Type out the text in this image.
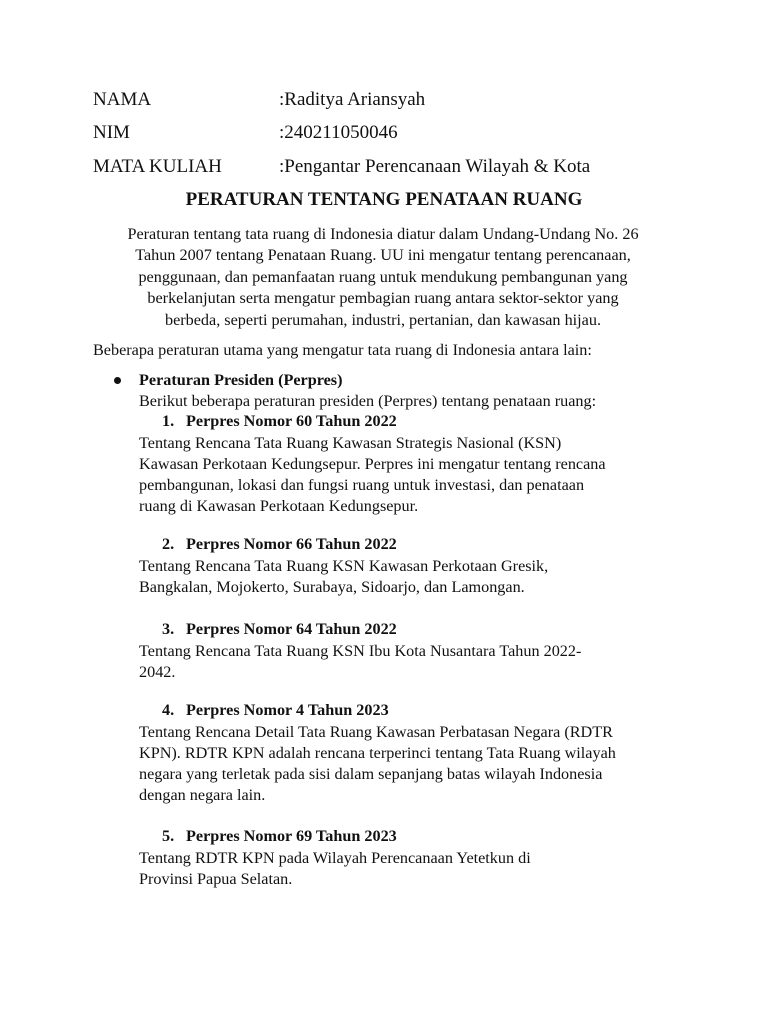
NAMA	:Raditya Ariansyah
NIM	:240211050046
MATA KULIAH	:Pengantar Perencanaan Wilayah & Kota
PERATURAN TENTANG PENATAAN RUANG
Peraturan tentang tata ruang di Indonesia diatur dalam Undang-Undang No. 26
Tahun 2007 tentang Penataan Ruang. UU ini mengatur tentang perencanaan,
penggunaan, dan pemanfaatan ruang untuk mendukung pembangunan yang
berkelanjutan serta mengatur pembagian ruang antara sektor-sektor yang
berbeda, seperti perumahan, industri, pertanian, dan kawasan hijau.
Beberapa peraturan utama yang mengatur tata ruang di Indonesia antara lain:
Peraturan Presiden (Perpres)
Berikut beberapa peraturan presiden (Perpres) tentang penataan ruang:
1. Perpres Nomor 60 Tahun 2022
Tentang Rencana Tata Ruang Kawasan Strategis Nasional (KSN)
Kawasan Perkotaan Kedungsepur. Perpres ini mengatur tentang rencana
pembangunan, lokasi dan fungsi ruang untuk investasi, dan penataan
ruang di Kawasan Perkotaan Kedungsepur.
2. Perpres Nomor 66 Tahun 2022
Tentang Rencana Tata Ruang KSN Kawasan Perkotaan Gresik,
Bangkalan, Mojokerto, Surabaya, Sidoarjo, dan Lamongan.
3. Perpres Nomor 64 Tahun 2022
Tentang Rencana Tata Ruang KSN Ibu Kota Nusantara Tahun 2022-
2042.
4. Perpres Nomor 4 Tahun 2023
Tentang Rencana Detail Tata Ruang Kawasan Perbatasan Negara (RDTR
KPN). RDTR KPN adalah rencana terperinci tentang Tata Ruang wilayah
negara yang terletak pada sisi dalam sepanjang batas wilayah Indonesia
dengan negara lain.
5. Perpres Nomor 69 Tahun 2023
Tentang RDTR KPN pada Wilayah Perencanaan Yetetkun di
Provinsi Papua Selatan.
